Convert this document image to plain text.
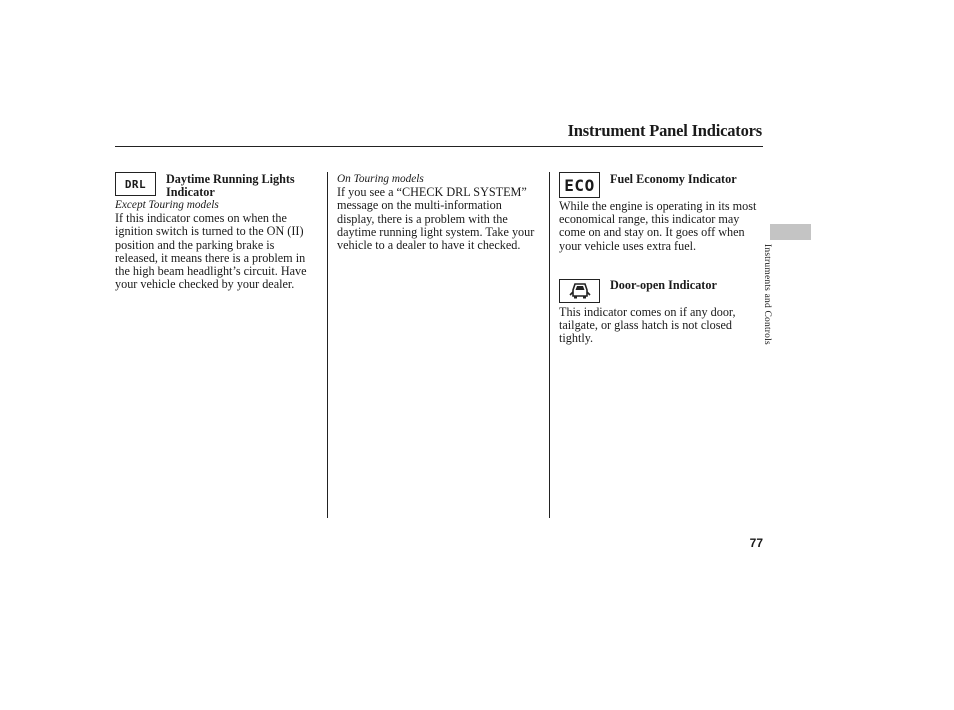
Instrument Panel Indicators
DRL Daytime Running Lights
Indicator
Except Touring models

If this indicator comes on when the ignition switch is turned to the ON (II) position and the parking brake is released, it means there is a problem in the high beam headlight’s circuit. Have your vehicle checked by your dealer.

On Touring models

If you see a “CHECK DRL SYSTEM” message on the multi-information display, there is a problem with the daytime running light system. Take your vehicle to a dealer to have it checked.

ECO Fuel Economy Indicator

While the engine is operating in its most economical range, this indicator may come on and stay on. It goes off when your vehicle uses extra fuel.

Door-open Indicator

This indicator comes on if any door, tailgate, or glass hatch is not closed tightly.	Instruments and Controls
77
